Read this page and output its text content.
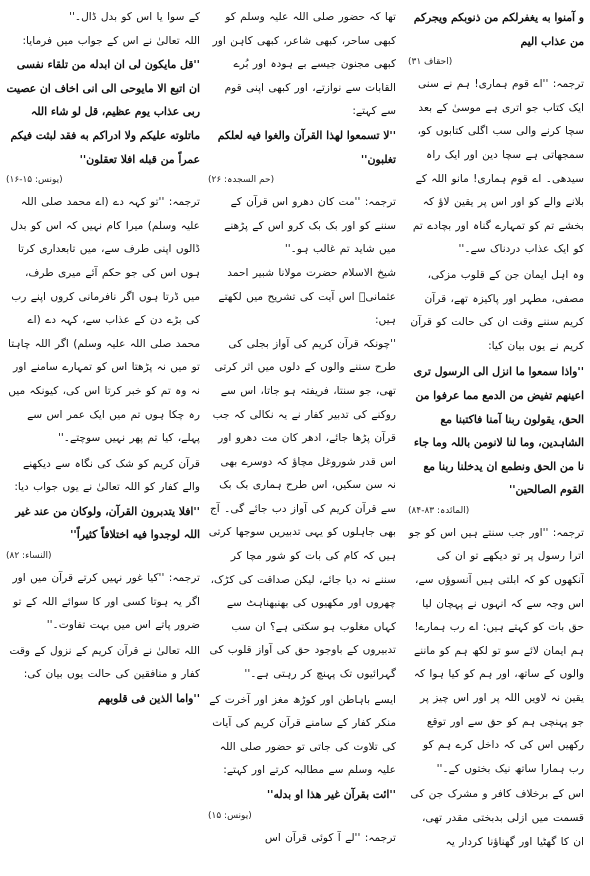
و آمنوا به یغفرلکم من ذنوبکم ویجرکم من عذاب الیم

(احقاف ۳۱)

ترجمہ: ''اے قوم ہماری! ہم نے سنی ایک کتاب جو اتری ہے موسیٰ کے بعد سچا کرنے والی سب اگلی کتابوں کو، سمجھاتی ہے سچا دین اور ایک راہ سیدھی۔ اے قوم ہماری! مانو اللہ کے بلانے والے کو اور اس پر یقین لاؤ کہ بخشے تم کو تمہارے گناہ اور بچادے تم کو ایک عذاب دردناک سے۔''

وہ اہل ایمان جن کے قلوب مزکی، مصفی، مطہر اور پاکیزہ تھے، قرآن کریم سننے وقت ان کی حالت کو قرآن کریم نے یوں بیان کیا:

''واذا سمعوا ما انزل الی الرسول تری اعینھم تفیض من الدمع مما عرفوا من الحق، یقولون ربنا آمنا فاکتبنا مع الشاہدین، وما لنا لانومن باللہ وما جاء نا من الحق ونطمع ان یدخلنا ربنا مع القوم الصالحین''

(المائدہ: ۸۳-۸۴)

ترجمہ: ''اور جب سنتے ہیں اس کو جو اترا رسول پر تو دیکھے تو ان کی آنکھوں کو کہ ابلتی ہیں آنسوؤں سے، اس وجہ سے کہ انہوں نے پہچان لیا حق بات کو کہتے ہیں: اے رب ہمارے! ہم ایمان لائے سو تو لکھ ہم کو ماننے والوں کے ساتھ، اور ہم کو کیا ہوا کہ یقین نہ لاویں اللہ پر اور اس چیز پر جو پہنچی ہم کو حق سے اور توقع رکھیں اس کی کہ داخل کرے ہم کو رب ہمارا ساتھ نیک بختوں کے۔''

اس کے برخلاف کافر و مشرک جن کی قسمت میں ازلی بدبختی مقدر تھی، ان کا گھٹیا اور گھناؤنا کردار یہ

تھا کہ حضور صلی اللہ علیہ وسلم کو کبھی ساحر، کبھی شاعر، کبھی کاہن اور کبھی مجنون جیسے بے ہودہ اور بُرے القابات سے نوازتے، اور کبھی اپنی قوم سے کہتے:

''لا تسمعوا لھذا القرآن والغوا فیه لعلکم تغلبون''

(حم السجدہ: ۲۶)

ترجمہ: ''مت کان دھرو اس قرآن کے سننے کو اور بک بک کرو اس کے پڑھنے میں شاید تم غالب ہو۔''

شیخ الاسلام حضرت مولانا شبیر احمد عثمانیؒ اس آیت کی تشریح میں لکھتے ہیں:

''چونکہ قرآن کریم کی آواز بجلی کی طرح سننے والوں کے دلوں میں اثر کرتی تھی، جو سنتا، فریفتہ ہو جاتا، اس سے روکنے کی تدبیر کفار نے یہ نکالی کہ جب قرآن پڑھا جائے، ادھر کان مت دھرو اور اس قدر شوروغل مچاؤ کہ دوسرے بھی نہ سن سکیں، اس طرح ہماری بک بک سے قرآن کریم کی آواز دب جائے گی۔ آج بھی جاہلوں کو یہی تدبیریں سوجھا کرتی ہیں کہ کام کی بات کو شور مچا کر سننے نہ دیا جائے، لیکن صداقت کی کڑک، چھروں اور مکھیوں کی بھنبھناہٹ سے کہاں مغلوب ہو سکتی ہے؟ ان سب تدبیروں کے باوجود حق کی آواز قلوب کی گہرائیوں تک پہنچ کر رہتی ہے۔''

ایسے باہاطن اور کوڑھ مغز اور آخرت کے منکر کفار کے سامنے قرآن کریم کی آیات کی تلاوت کی جاتی تو حضور صلی اللہ علیہ وسلم سے مطالبہ کرتے اور کہتے:

''ائت بقرآن غیر ھذا او بدله''

(یونس: ۱۵)

ترجمہ: ''لے آ کوئی قرآن اس

کے سوا یا اس کو بدل ڈال۔''

اللہ تعالیٰ نے اس کے جواب میں فرمایا:

''قل مایکون لی ان ابدله من تلقاء نفسی ان اتبع الا مایوحی الی انی اخاف ان عصیت ربی عذاب یوم عظیم، قل لو شاء اللہ ماتلوته علیکم ولا ادراکم به فقد لبثت فیکم عمراً من قبله افلا تعقلون''

(یونس: ۱۵-۱۶)

ترجمہ: ''تو کہہ دے (اے محمد صلی اللہ علیہ وسلم) میرا کام نہیں کہ اس کو بدل ڈالوں اپنی طرف سے، میں تابعداری کرتا ہوں اس کی جو حکم آئے میری طرف، میں ڈرتا ہوں اگر نافرمانی کروں اپنے رب کی بڑے دن کے عذاب سے، کہہ دے (اے محمد صلی اللہ علیہ وسلم) اگر اللہ چاہتا تو میں نہ پڑھتا اس کو تمہارے سامنے اور نہ وہ تم کو خبر کرتا اس کی، کیونکہ میں رہ چکا ہوں تم میں ایک عمر اس سے پہلے، کیا تم پھر نہیں سوچتے۔''

قرآن کریم کو شک کی نگاہ سے دیکھنے والے کفار کو اللہ تعالیٰ نے یوں جواب دیا:

''افلا یتدبرون القرآن، ولوکان من عند غیر اللہ لوجدوا فیه اختلافاً کثیراً''

(النساء: ۸۲)

ترجمہ: ''کیا غور نہیں کرتے قرآن میں اور اگر یہ ہوتا کسی اور کا سوائے اللہ کے تو ضرور پاتے اس میں بہت تفاوت۔''

اللہ تعالیٰ نے قرآن کریم کے نزول کے وقت کفار و منافقین کی حالت یوں بیان کی:

''واما الذین فی قلوبھم
